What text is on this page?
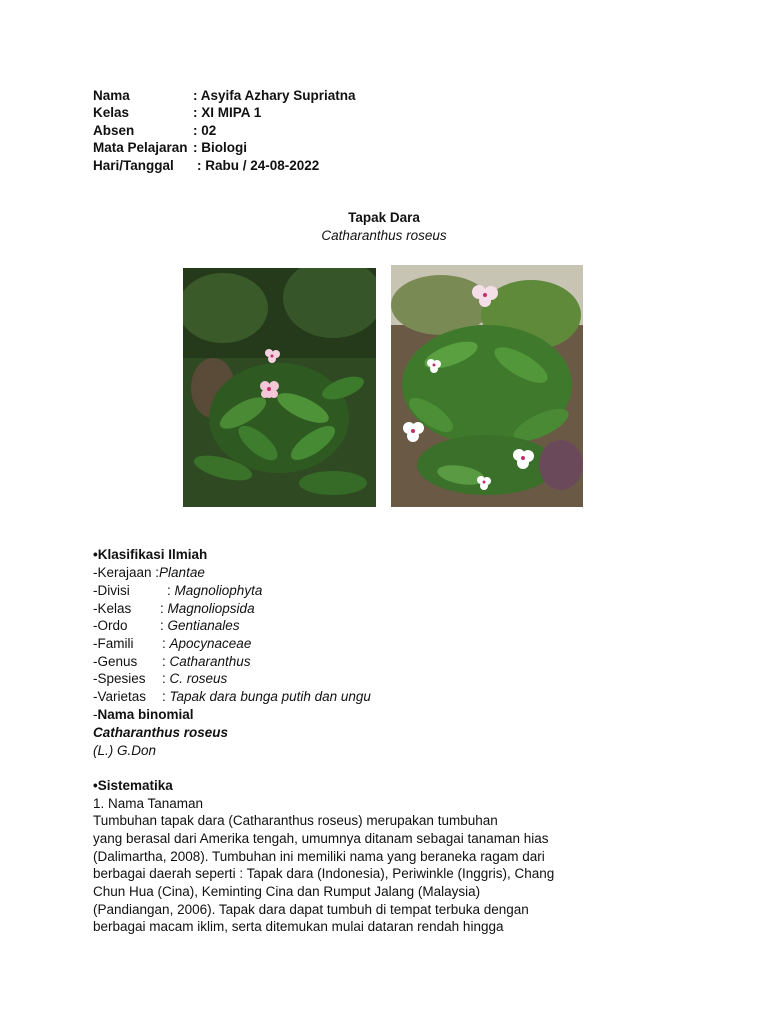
Nama	: Asyifa Azhary Supriatna
Kelas	: XI MIPA 1
Absen	: 02
Mata Pelajaran : Biologi
Hari/Tanggal : Rabu / 24-08-2022
Tapak Dara
Catharanthus roseus
•Klasifikasi Ilmiah
-Kerajaan :Plantae
-Divisi	: Magnoliophyta
-Kelas : Magnoliopsida
-Ordo : Gentianales
-Famili : Apocynaceae
-Genus : Catharanthus
-Spesies : C. roseus
-Varietas : Tapak dara bunga putih dan ungu
-Nama binomial
Catharanthus roseus
(L.) G.Don
•Sistematika
1. Nama Tanaman
Tumbuhan tapak dara (Catharanthus roseus) merupakan tumbuhan
yang berasal dari Amerika tengah, umumnya ditanam sebagai tanaman hias
(Dalimartha, 2008). Tumbuhan ini memiliki nama yang beraneka ragam dari
berbagai daerah seperti : Tapak dara (Indonesia), Periwinkle (Inggris), Chang
Chun Hua (Cina), Keminting Cina dan Rumput Jalang (Malaysia)
(Pandiangan, 2006). Tapak dara dapat tumbuh di tempat terbuka dengan
berbagai macam iklim, serta ditemukan mulai dataran rendah hingga
